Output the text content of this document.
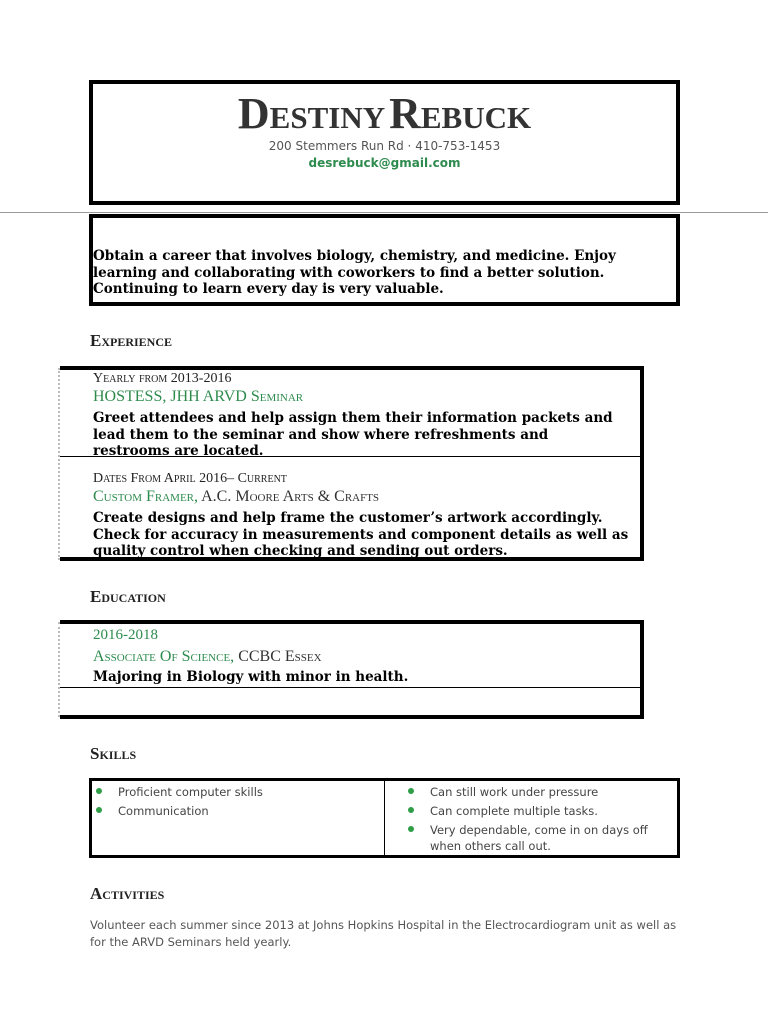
Destiny Rebuck
200 Stemmers Run Rd · 410-753-1453
desrebuck@gmail.com
Obtain a career that involves biology, chemistry, and medicine. Enjoy learning and collaborating with coworkers to find a better solution. Continuing to learn every day is very valuable.
Experience
Yearly from 2013-2016
HOSTESS, JHH ARVD Seminar
Greet attendees and help assign them their information packets and lead them to the seminar and show where refreshments and restrooms are located.
Dates From April 2016– Current
Custom Framer, A.C. Moore Arts & Crafts
Create designs and help frame the customer’s artwork accordingly. Check for accuracy in measurements and component details as well as quality control when checking and sending out orders.
Education
2016-2018
Associate Of Science, CCBC Essex
Majoring in Biology with minor in health.
Skills
Proficient computer skills
Communication
Can still work under pressure
Can complete multiple tasks.
Very dependable, come in on days off when others call out.
Activities
Volunteer each summer since 2013 at Johns Hopkins Hospital in the Electrocardiogram unit as well as for the ARVD Seminars held yearly.
